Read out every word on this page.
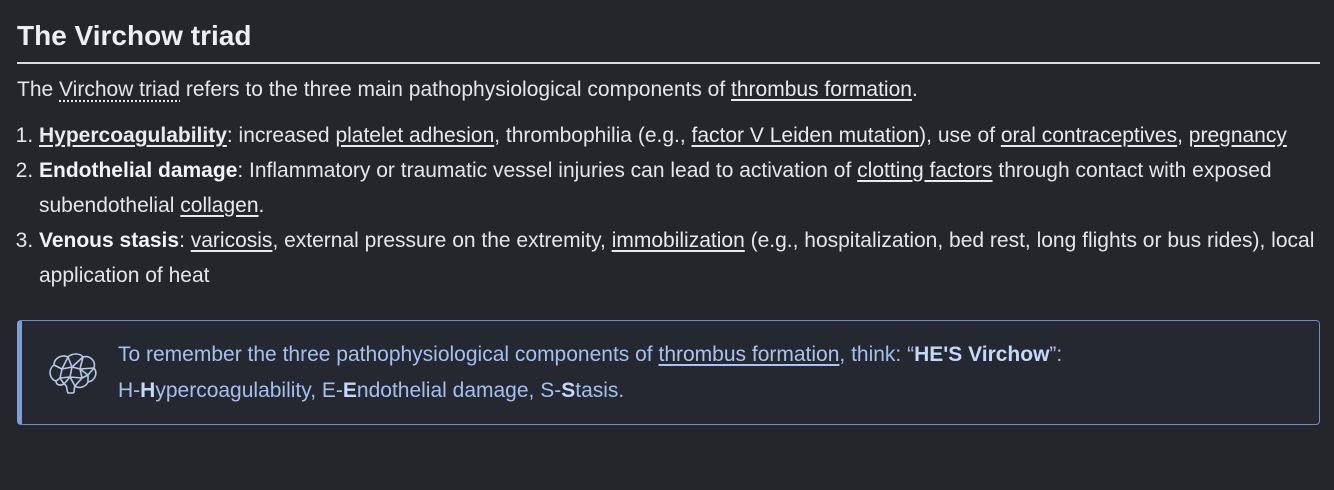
The Virchow triad

The Virchow triad refers to the three main pathophysiological components of thrombus formation.

1. Hypercoagulability: increased platelet adhesion, thrombophilia (e.g., factor V Leiden mutation), use of oral contraceptives, pregnancy
2. Endothelial damage: Inflammatory or traumatic vessel injuries can lead to activation of clotting factors through contact with exposed subendothelial collagen.
3. Venous stasis: varicosis, external pressure on the extremity, immobilization (e.g., hospitalization, bed rest, long flights or bus rides), local application of heat
To remember the three pathophysiological components of thrombus formation, think: “HE'S Virchow”:
H-Hypercoagulability, E-Endothelial damage, S-Stasis.
